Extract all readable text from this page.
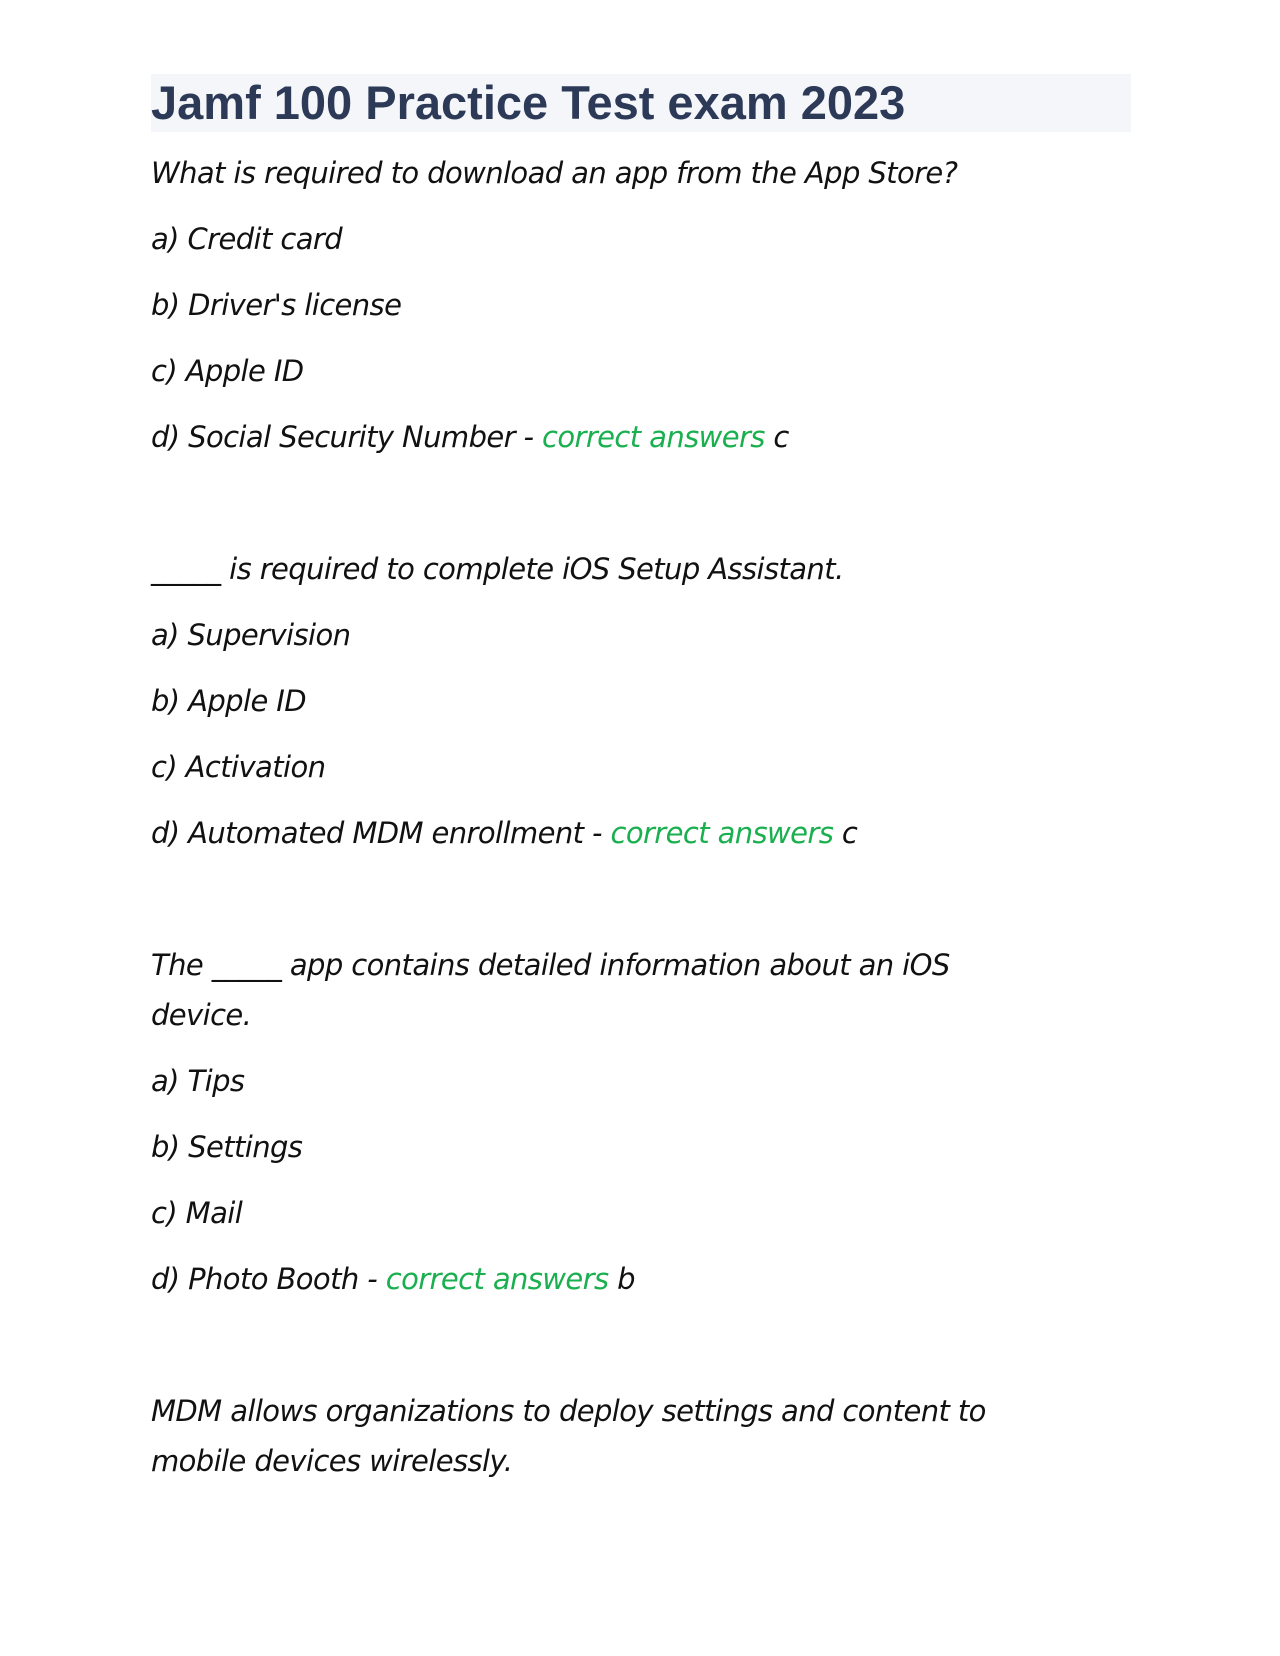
Jamf 100 Practice Test exam 2023
What is required to download an app from the App Store?
a) Credit card
b) Driver's license
c) Apple ID
d) Social Security Number - correct answers c
_____ is required to complete iOS Setup Assistant.
a) Supervision
b) Apple ID
c) Activation
d) Automated MDM enrollment - correct answers c
The _____ app contains detailed information about an iOS device.
a) Tips
b) Settings
c) Mail
d) Photo Booth - correct answers b
MDM allows organizations to deploy settings and content to mobile devices wirelessly.
